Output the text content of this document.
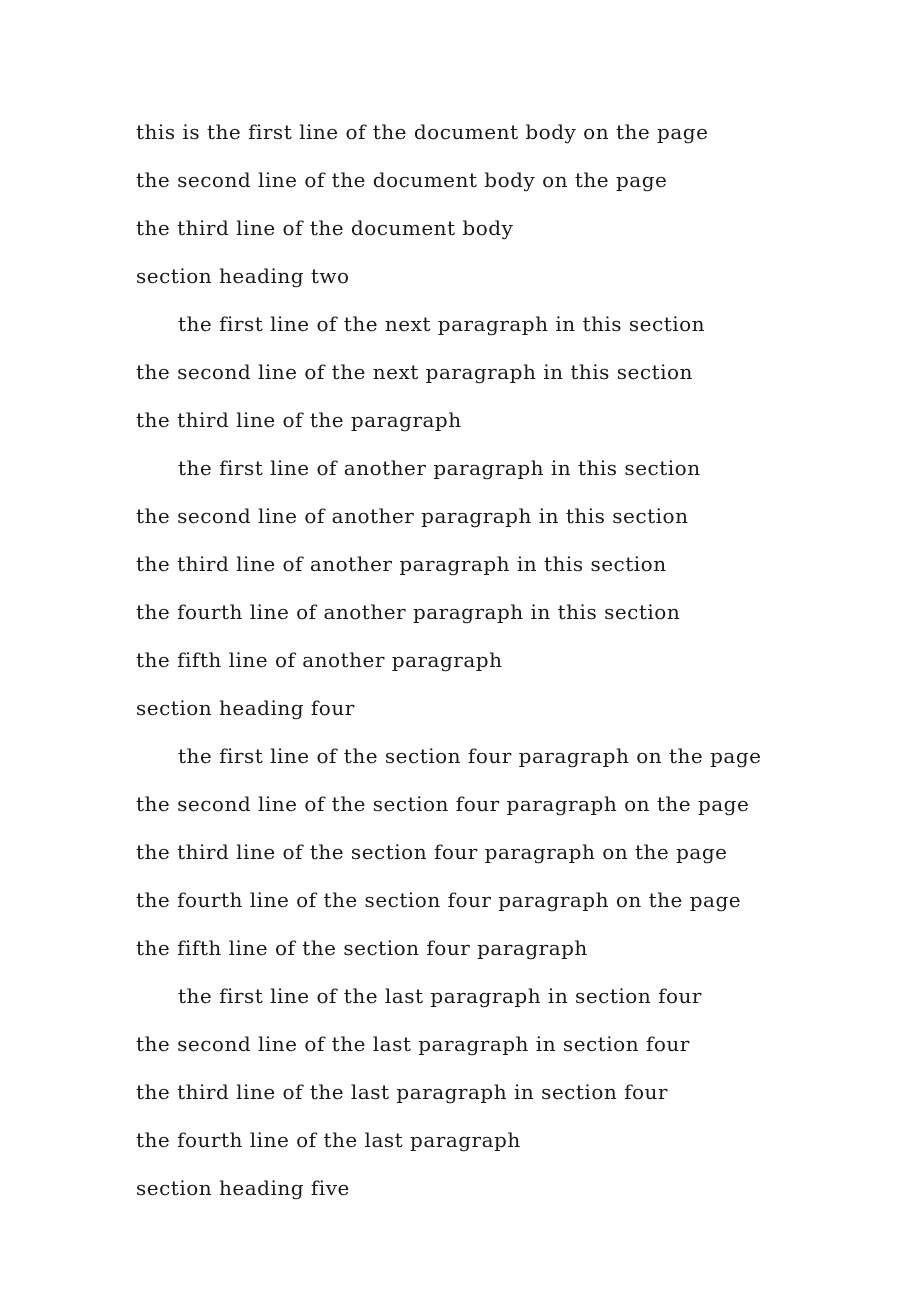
this is the first line of the document body on the page
the second line of the document body on the page
the third line of the document body
section heading two
the first line of the next paragraph in this section
the second line of the next paragraph in this section
the third line of the paragraph
the first line of another paragraph in this section
the second line of another paragraph in this section
the third line of another paragraph in this section
the fourth line of another paragraph in this section
the fifth line of another paragraph
section heading four
the first line of the section four paragraph on the page
the second line of the section four paragraph on the page
the third line of the section four paragraph on the page
the fourth line of the section four paragraph on the page
the fifth line of the section four paragraph
the first line of the last paragraph in section four
the second line of the last paragraph in section four
the third line of the last paragraph in section four
the fourth line of the last paragraph
section heading five
